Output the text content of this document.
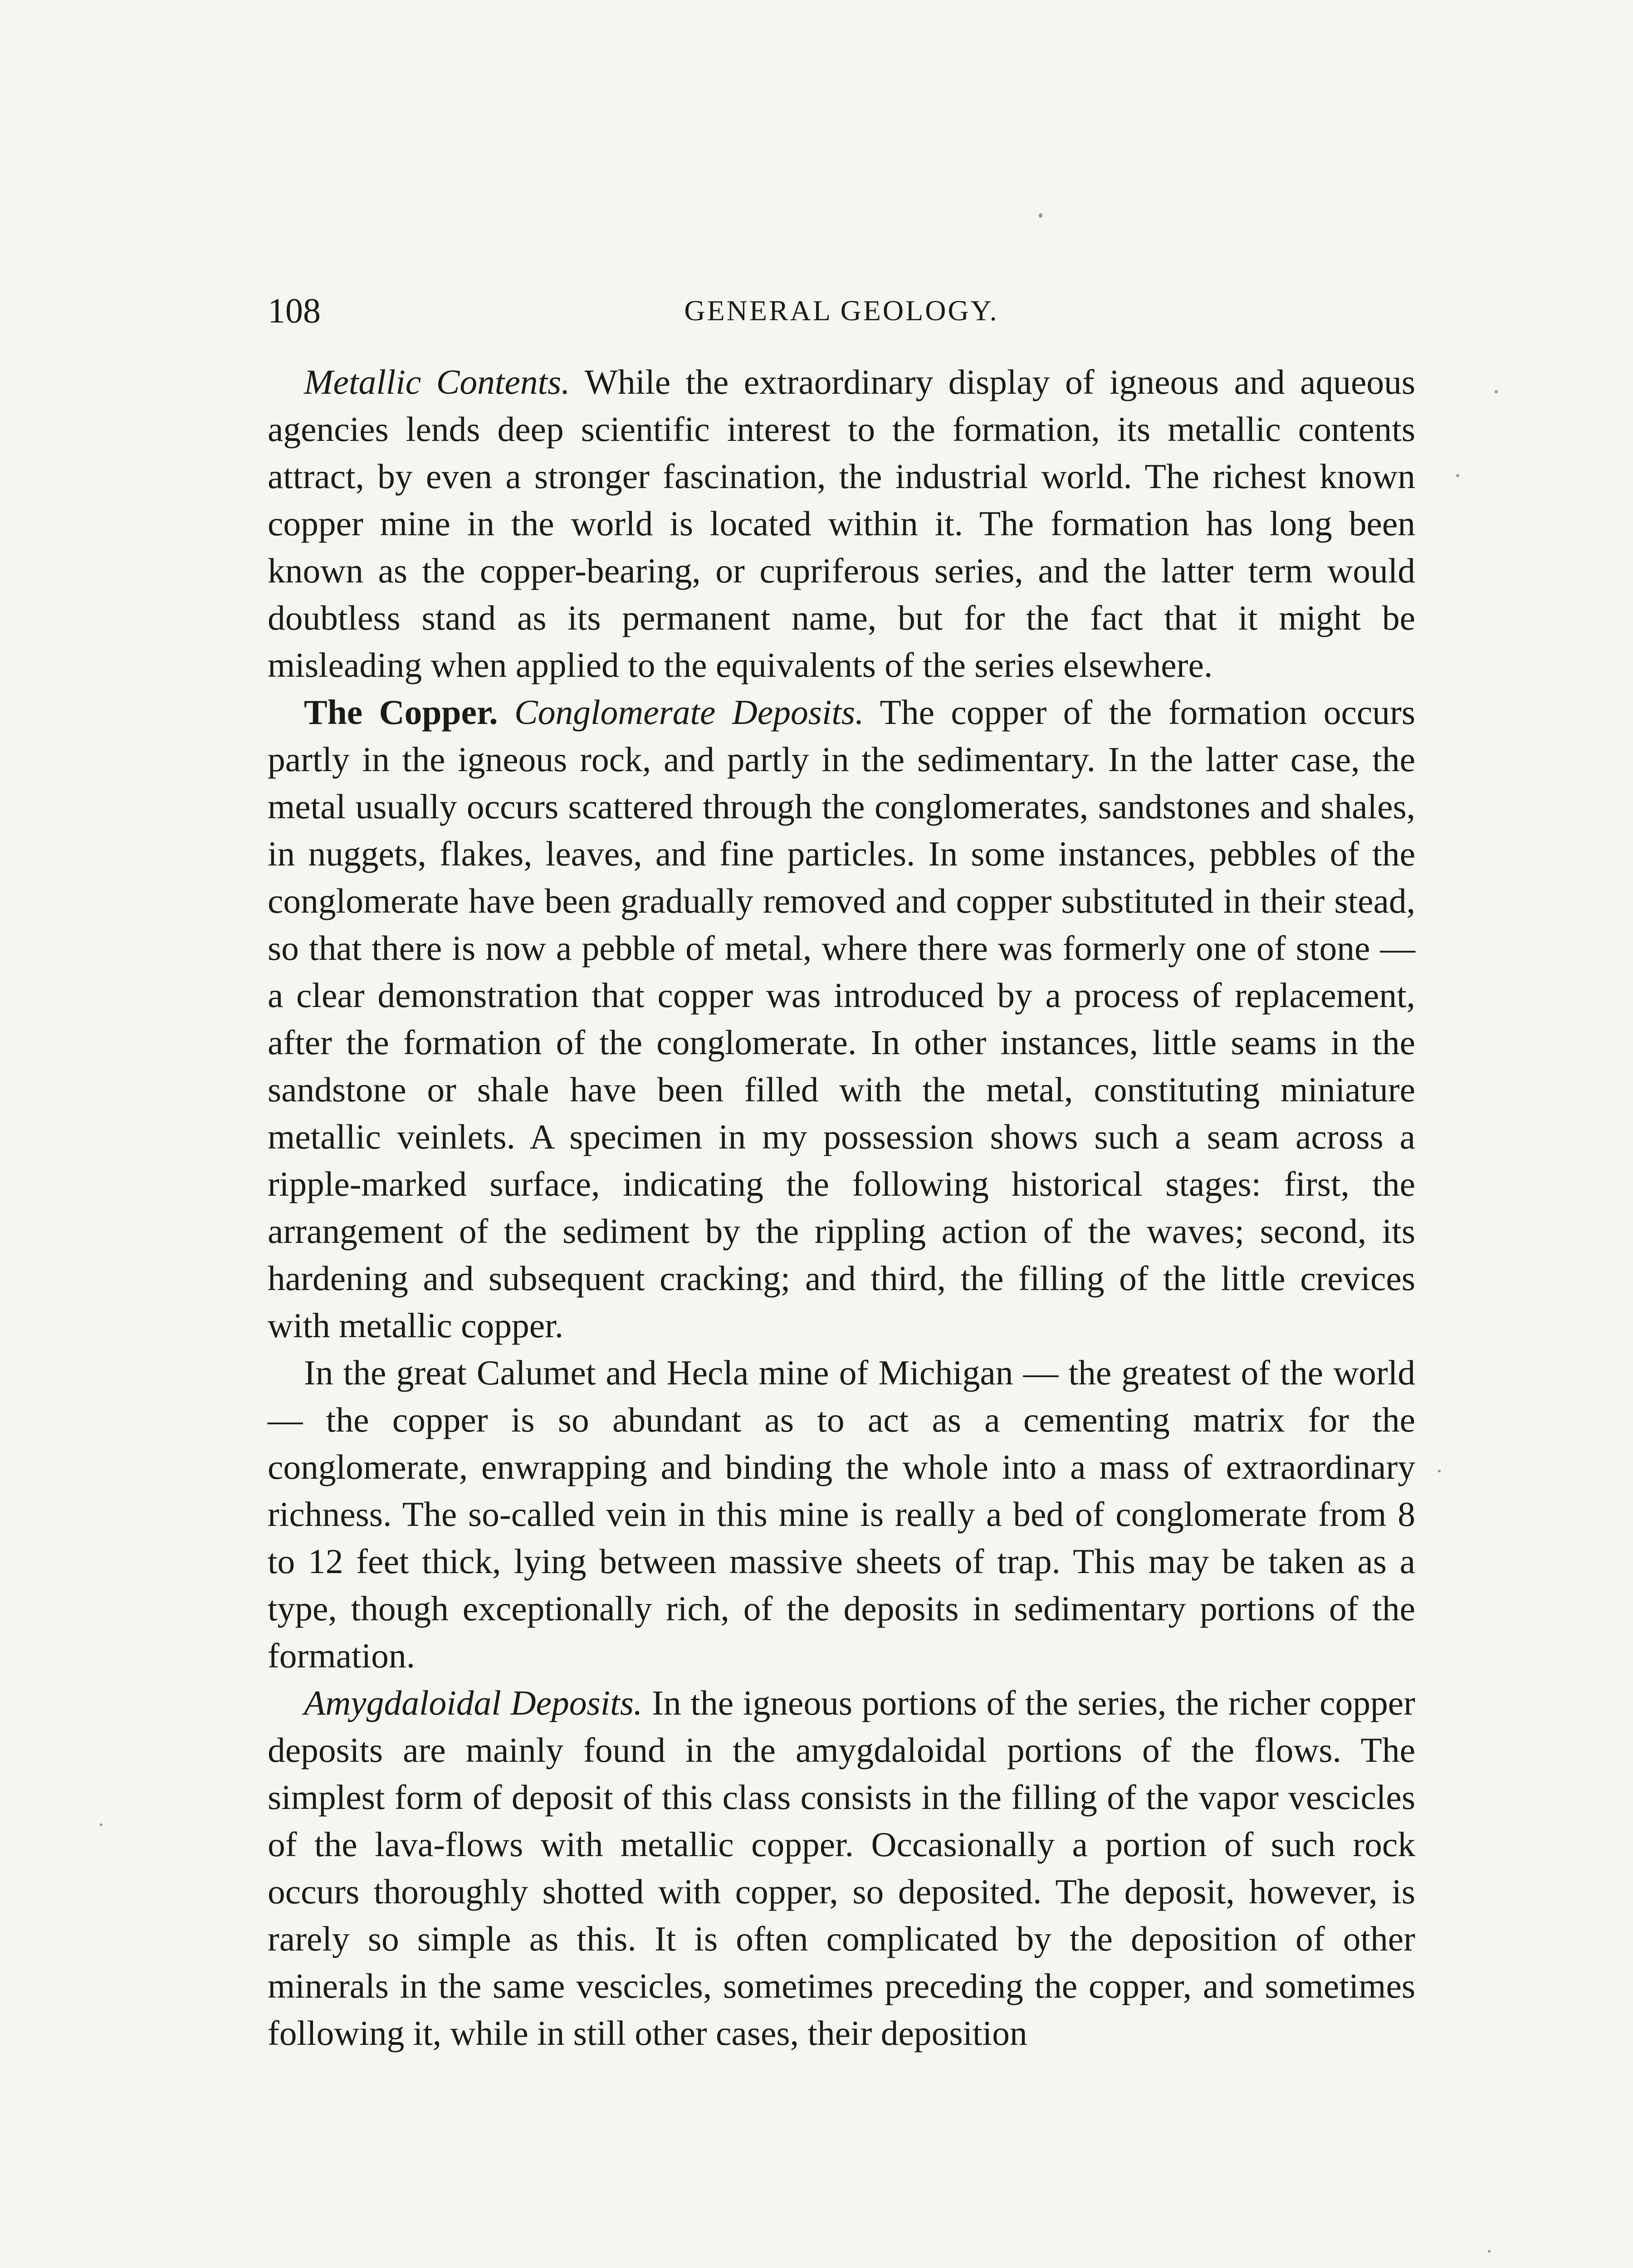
108	GENERAL GEOLOGY.

Metallic Contents. While the extraordinary display of igneous and aqueous agencies lends deep scientific interest to the formation, its metallic contents attract, by even a stronger fascination, the industrial world. The richest known copper mine in the world is located within it. The formation has long been known as the copper-bearing, or cupriferous series, and the latter term would doubtless stand as its permanent name, but for the fact that it might be misleading when applied to the equivalents of the series elsewhere.

The Copper. Conglomerate Deposits. The copper of the formation occurs partly in the igneous rock, and partly in the sedimentary. In the latter case, the metal usually occurs scattered through the conglomerates, sandstones and shales, in nuggets, flakes, leaves, and fine particles. In some instances, pebbles of the conglomerate have been gradually removed and copper substituted in their stead, so that there is now a pebble of metal, where there was formerly one of stone — a clear demonstration that copper was introduced by a process of replacement, after the formation of the conglomerate. In other instances, little seams in the sandstone or shale have been filled with the metal, constituting miniature metallic veinlets. A specimen in my possession shows such a seam across a ripple-marked surface, indicating the following historical stages: first, the arrangement of the sediment by the rippling action of the waves; second, its hardening and subsequent cracking; and third, the filling of the little crevices with metallic copper.

In the great Calumet and Hecla mine of Michigan — the greatest of the world — the copper is so abundant as to act as a cementing matrix for the conglomerate, enwrapping and binding the whole into a mass of extraordinary richness. The so-called vein in this mine is really a bed of conglomerate from 8 to 12 feet thick, lying between massive sheets of trap. This may be taken as a type, though exceptionally rich, of the deposits in sedimentary portions of the formation.

Amygdaloidal Deposits. In the igneous portions of the series, the richer copper deposits are mainly found in the amygdaloidal portions of the flows. The simplest form of deposit of this class consists in the filling of the vapor vescicles of the lava-flows with metallic copper. Occasionally a portion of such rock occurs thoroughly shotted with copper, so deposited. The deposit, however, is rarely so simple as this. It is often complicated by the deposition of other minerals in the same vescicles, sometimes preceding the copper, and sometimes following it, while in still other cases, their deposition
